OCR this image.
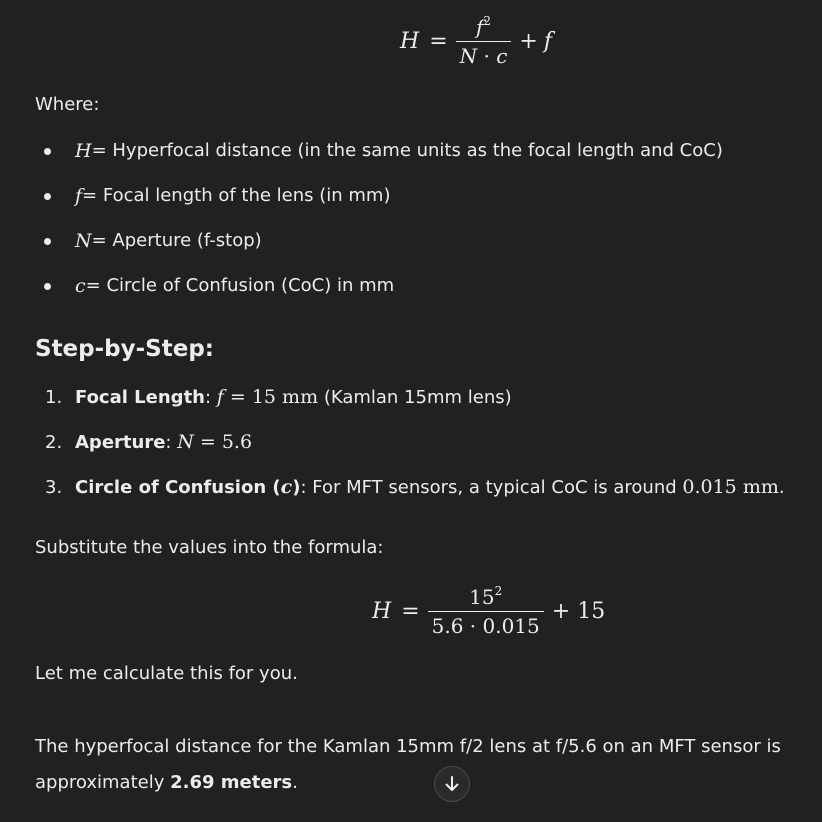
$H = \frac{f^2}{N \cdot c} + f$
Where:
H = Hyperfocal distance (in the same units as the focal length and CoC)
f = Focal length of the lens (in mm)
N = Aperture (f-stop)
c = Circle of Confusion (CoC) in mm
Step-by-Step:
1. Focal Length: f = 15 mm (Kamlan 15mm lens)
2. Aperture: N = 5.6
3. Circle of Confusion (c): For MFT sensors, a typical CoC is around 0.015 mm.
Substitute the values into the formula:
$H = \frac{15^2}{5.6 \cdot 0.015} + 15$
Let me calculate this for you.
The hyperfocal distance for the Kamlan 15mm f/2 lens at f/5.6 on an MFT sensor is
approximately 2.69 meters.
